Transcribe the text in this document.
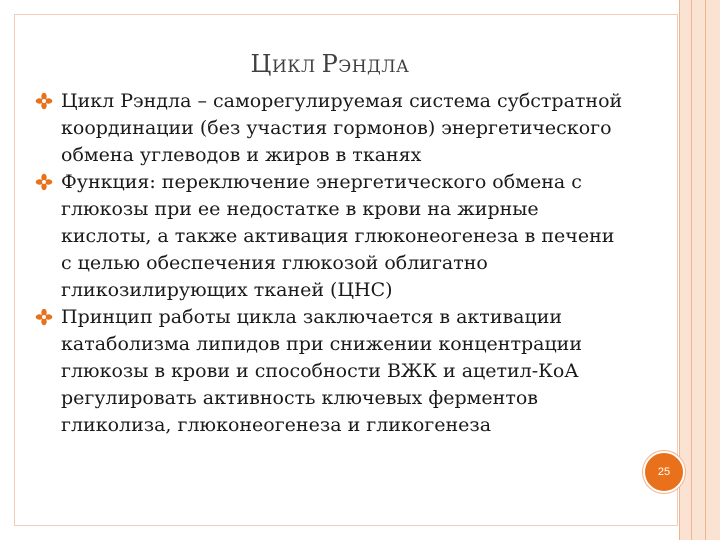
ЦИКЛ РЭНДЛА

Цикл Рэндла – саморегулируемая система субстратной координации (без участия гормонов) энергетического обмена углеводов и жиров в тканях

Функция: переключение энергетического обмена с глюкозы при ее недостатке в крови на жирные кислоты, а также активация глюконеогенеза в печени с целью обеспечения глюкозой облигатно гликозилирующих тканей (ЦНС)

Принцип работы цикла заключается в активации катаболизма липидов при снижении концентрации глюкозы в крови и способности ВЖК и ацетил-КоА регулировать активность ключевых ферментов гликолиза, глюконеогенеза и гликогенеза

25
